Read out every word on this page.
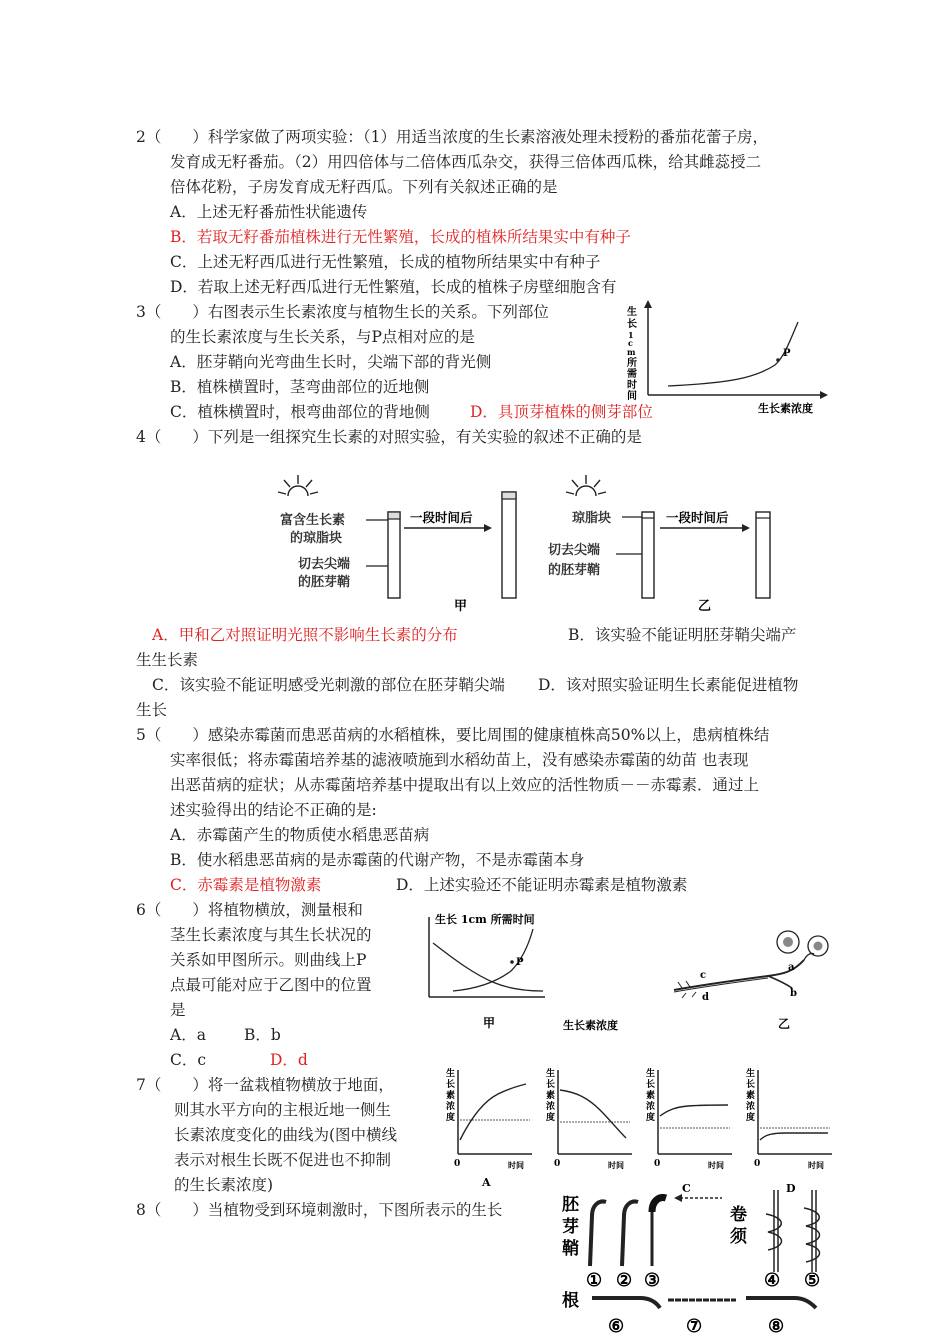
2（　　）科学家做了两项实验：（1）用适当浓度的生长素溶液处理未授粉的番茄花蕾子房，
发育成无籽番茄。（2）用四倍体与二倍体西瓜杂交，获得三倍体西瓜株，给其雌蕊授二
倍体花粉，子房发育成无籽西瓜。下列有关叙述正确的是
A．上述无籽番茄性状能遗传
B．若取无籽番茄植株进行无性繁殖，长成的植株所结果实中有种子
C．上述无籽西瓜进行无性繁殖，长成的植物所结果实中有种子
D．若取上述无籽西瓜进行无性繁殖，长成的植株子房壁细胞含有
3（　　）右图表示生长素浓度与植物生长的关系。下列部位
的生长素浓度与生长关系，与P点相对应的是
A．胚芽鞘向光弯曲生长时，尖端下部的背光侧
B．植株横置时，茎弯曲部位的近地侧
C．植株横置时，根弯曲部位的背地侧	D．具顶芽植株的侧芽部位
P
生
长
1
c
m
所
需
时
间
生长素浓度
4（　　）下列是一组探究生长素的对照实验，有关实验的叙述不正确的是
富含生长素
的琼脂块
切去尖端
的胚芽鞘
一段时间后
甲
琼脂块
切去尖端
的胚芽鞘
一段时间后
乙
A．甲和乙对照证明光照不影响生长素的分布	B．该实验不能证明胚芽鞘尖端产
生生长素
C．该实验不能证明感受光刺激的部位在胚芽鞘尖端 D．该对照实验证明生长素能促进植物
生长
5（　　）感染赤霉菌而患恶苗病的水稻植株，要比周围的健康植株高50%以上，患病植株结
实率很低；将赤霉菌培养基的滤液喷施到水稻幼苗上，没有感染赤霉菌的幼苗 也表现
出恶苗病的症状；从赤霉菌培养基中提取出有以上效应的活性物质－－赤霉素．通过上
述实验得出的结论不正确的是:
A．赤霉菌产生的物质使水稻患恶苗病
B．使水稻患恶苗病的是赤霉菌的代谢产物，不是赤霉菌本身
C．赤霉素是植物激素	D．上述实验还不能证明赤霉素是植物激素
6（　　）将植物横放，测量根和
茎生长素浓度与其生长状况的
关系如甲图所示。则曲线上P
点最可能对应于乙图中的位置
是
A．a B．b
C．c	D．d
生长 1cm 所需时间
P
甲	生长素浓度
a
b
c
d
乙
7（　　）将一盆栽植物横放于地面，
则其水平方向的主根近地一侧生
长素浓度变化的曲线为(图中横线
表示对根生长既不促进也不抑制
的生长素浓度)	A
0	时间	0	时间	0	时间	0	时间
生
长
素
浓
度
生
长
素
浓
度
生
长
素
浓
度
生
长
素
浓
度
C	D
8（　　）当植物受到环境刺激时，下图所表示的生长	胚
芽
鞘
卷
须
根
① ② ③	④ ⑤
⑥	⑦	⑧
